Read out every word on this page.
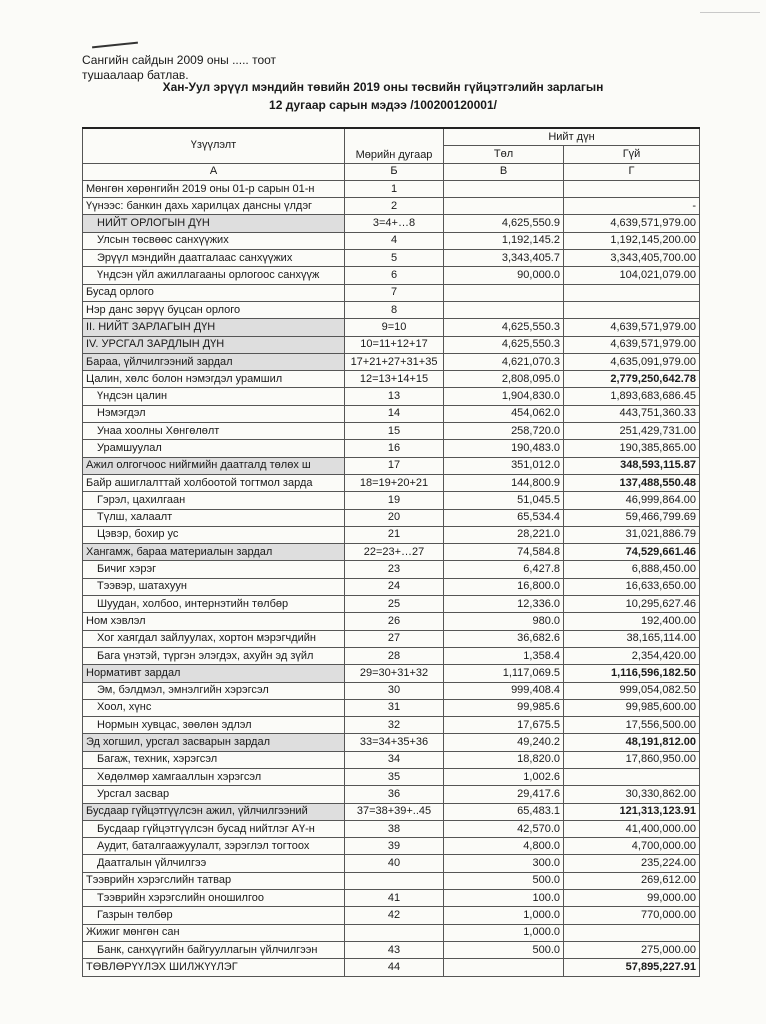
Сангийн сайдын 2009 оны ..... тоот
тушаалаар батлав.
Хан-Уул эрүүл мэндийн төвийн 2019 оны төсвийн гүйцэтгэлийн зарлагын
12 дугаар сарын мэдээ /100200120001/
Үзүүлэлт	Мөрийн дугаар	Нийт дүн	
		Төл	Гүй
А	Б	В	Г
Мөнгөн хөрөнгийн 2019 оны 01-р сарын 01-н	1		
Үүнээс: банкин дахь харилцах дансны үлдэг	2		-
НИЙТ ОРЛОГЫН ДҮН	3=4+…8	4,625,550.9	4,639,571,979.00
Улсын төсвөөс санхүүжих	4	1,192,145.2	1,192,145,200.00
Эрүүл мэндийн даатгалаас санхүүжих	5	3,343,405.7	3,343,405,700.00
Үндсэн үйл ажиллагааны орлогоос санхүүж	6	90,000.0	104,021,079.00
Бусад орлого	7		
Нэр данс зөрүү буцсан орлого	8		
II. НИЙТ ЗАРЛАГЫН ДҮН	9=10	4,625,550.3	4,639,571,979.00
IV. УРСГАЛ ЗАРДЛЫН ДҮН	10=11+12+17	4,625,550.3	4,639,571,979.00
Бараа, үйлчилгээний зардал	17+21+27+31+35	4,621,070.3	4,635,091,979.00
Цалин, хөлс болон нэмэгдэл урамшил	12=13+14+15	2,808,095.0	2,779,250,642.78
Үндсэн цалин	13	1,904,830.0	1,893,683,686.45
Нэмэгдэл	14	454,062.0	443,751,360.33
Унаа хоолны Хөнгөлөлт	15	258,720.0	251,429,731.00
Урамшуулал	16	190,483.0	190,385,865.00
Ажил олгогчоос нийгмийн даатгалд төлөх ш	17	351,012.0	348,593,115.87
Байр ашиглалттай холбоотой тогтмол зарда	18=19+20+21	144,800.9	137,488,550.48
Гэрэл, цахилгаан	19	51,045.5	46,999,864.00
Түлш, халаалт	20	65,534.4	59,466,799.69
Цэвэр, бохир ус	21	28,221.0	31,021,886.79
Хангамж, бараа материалын зардал	22=23+…27	74,584.8	74,529,661.46
Бичиг хэрэг	23	6,427.8	6,888,450.00
Тээвэр, шатахуун	24	16,800.0	16,633,650.00
Шуудан, холбоо, интернэтийн төлбөр	25	12,336.0	10,295,627.46
Ном хэвлэл	26	980.0	192,400.00
Хог хаягдал зайлуулах, хортон мэрэгчдийн	27	36,682.6	38,165,114.00
Бага үнэтэй, түргэн элэгдэх, ахуйн эд зүйл	28	1,358.4	2,354,420.00
Нормативт зардал	29=30+31+32	1,117,069.5	1,116,596,182.50
Эм, бэлдмэл, эмнэлгийн хэрэгсэл	30	999,408.4	999,054,082.50
Хоол, хүнс	31	99,985.6	99,985,600.00
Нормын хувцас, зөөлөн эдлэл	32	17,675.5	17,556,500.00
Эд хогшил, урсгал засварын зардал	33=34+35+36	49,240.2	48,191,812.00
Багаж, техник, хэрэгсэл	34	18,820.0	17,860,950.00
Хөдөлмөр хамгааллын хэрэгсэл	35	1,002.6	
Урсгал засвар	36	29,417.6	30,330,862.00
Бусдаар гүйцэтгүүлсэн ажил, үйлчилгээний	37=38+39+..45	65,483.1	121,313,123.91
Бусдаар гүйцэтгүүлсэн бусад нийтлэг АҮ-н	38	42,570.0	41,400,000.00
Аудит, баталгаажуулалт, зэрэглэл тогтоох	39	4,800.0	4,700,000.00
Даатгалын үйлчилгээ	40	300.0	235,224.00
Тээврийн хэрэгслийн татвар		500.0	269,612.00
Тээврийн хэрэгслийн оношилгоо	41	100.0	99,000.00
Газрын төлбөр	42	1,000.0	770,000.00
Жижиг мөнгөн сан		1,000.0	
Банк, санхүүгийн байгууллагын үйлчилгээн	43	500.0	275,000.00
ТӨВЛӨРҮҮЛЭХ ШИЛЖҮҮЛЭГ	44		57,895,227.91
